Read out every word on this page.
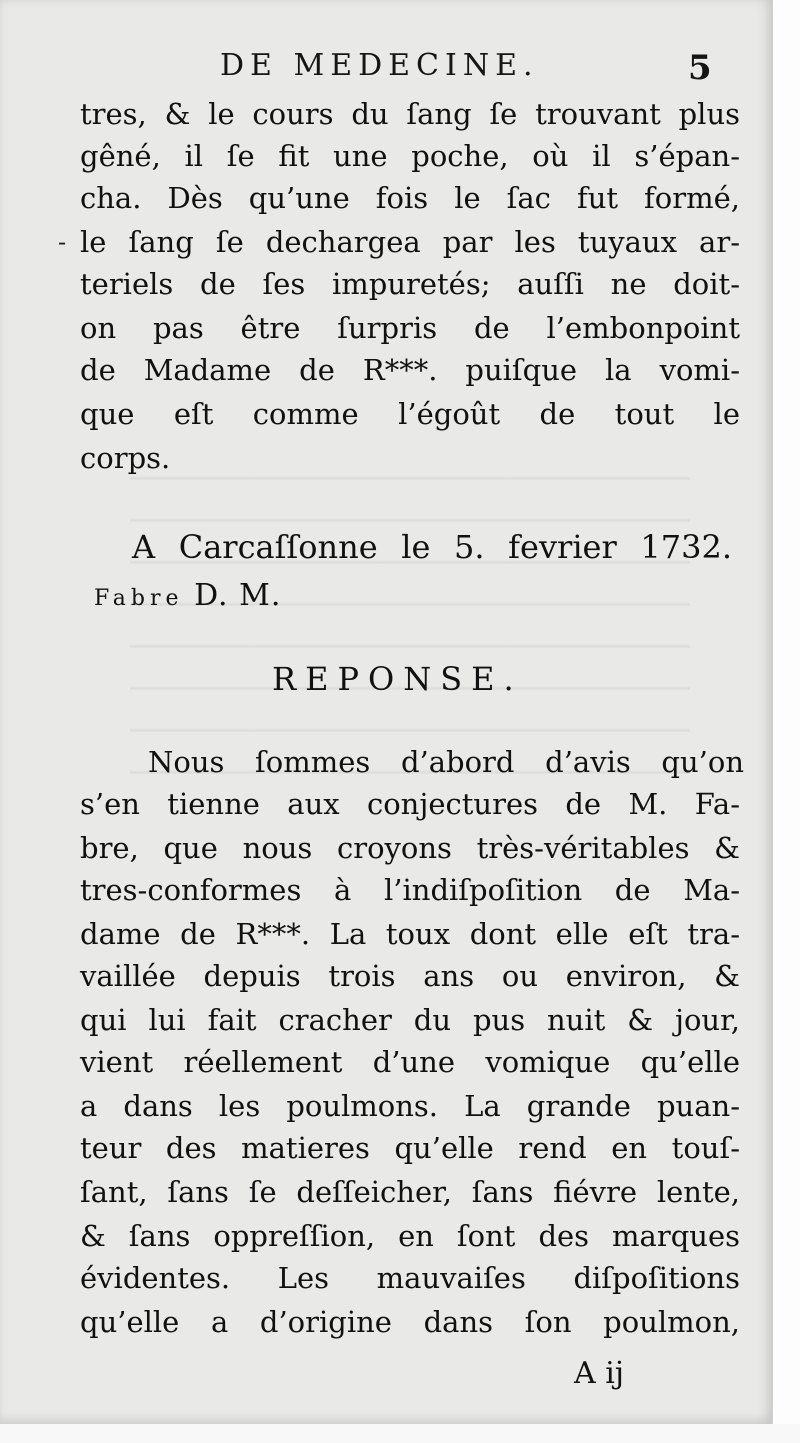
DE MEDECINE.	5
-
tres, & le cours du ſang ſe trouvant plus
gêné, il ſe fit une poche, où il s’épan-
cha. Dès qu’une fois le ſac fut formé,
le ſang ſe dechargea par les tuyaux ar-
teriels de ſes impuretés; auſſi ne doit-
on pas être ſurpris de l’embonpoint
de Madame de R***. puiſque la vomi-
que eſt comme l’égoût de tout le
corps.
A Carcaſſonne le 5. fevrier 1732.
Fabre D. M.
REPONSE.
Nous ſommes d’abord d’avis qu’on
s’en tienne aux conjectures de M. Fa-
bre, que nous croyons très-véritables &
tres-conformes à l’indiſpoſition de Ma-
dame de R***. La toux dont elle eſt tra-
vaillée depuis trois ans ou environ, &
qui lui fait cracher du pus nuit & jour,
vient réellement d’une vomique qu’elle
a dans les poulmons. La grande puan-
teur des matieres qu’elle rend en touſ-
ſant, ſans ſe deſſeicher, ſans fiévre lente,
& ſans oppreſſion, en ſont des marques
évidentes. Les mauvaiſes diſpoſitions
qu’elle a d’origine dans ſon poulmon,
A ij
